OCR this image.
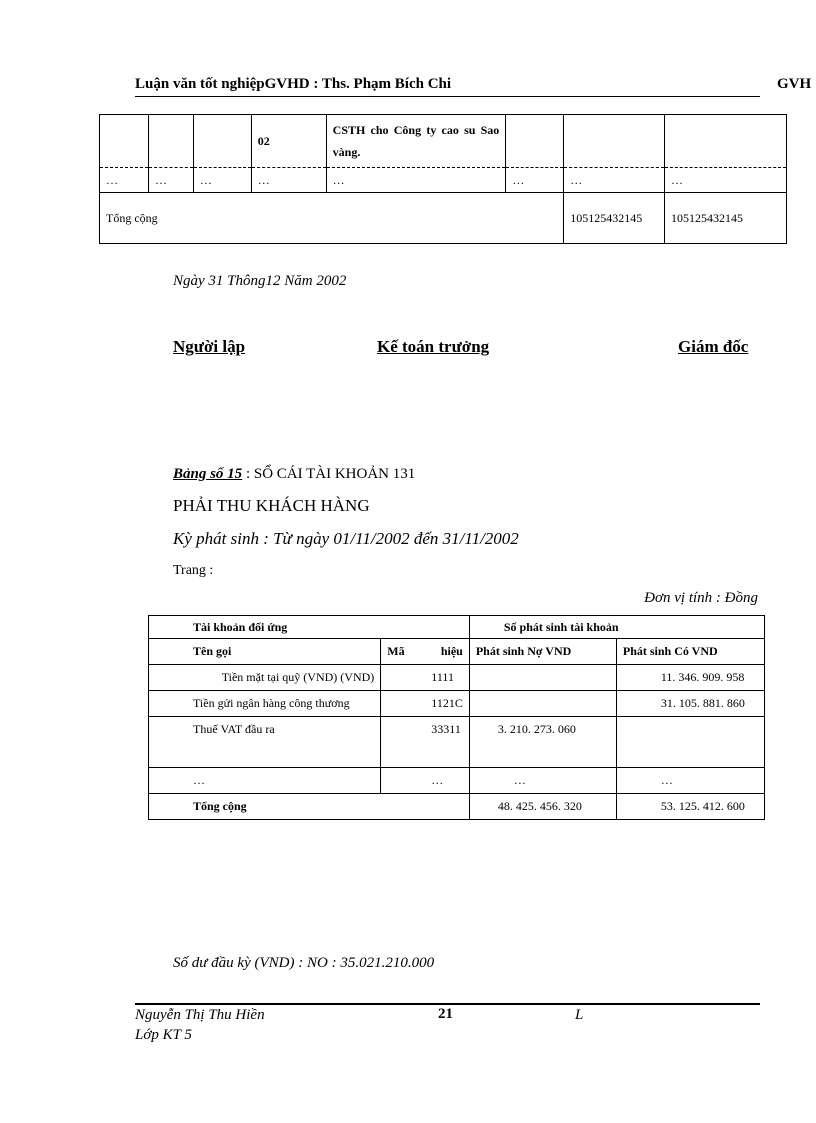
Luận văn tốt nghiệpGVHD : Ths. Phạm Bích Chi	GVH
			02	CSTH cho Công ty cao su Sao vàng.			
…	…	…	…	…	…	…	…
Tổng cộng						105125432145	105125432145
Ngày 31 Thông12 Năm 2002
Người lập	Kế toán trưởng	Giám đốc
Bảng số 15 : SỔ CÁI TÀI KHOẢN 131
PHẢI THU KHÁCH HÀNG
Kỳ phát sinh : Từ ngày 01/11/2002 đến 31/11/2002
Trang :
Đơn vị tính : Đồng
Tài khoản đối ứng		Số phát sinh tài khoản	
Tên gọi	Mã hiệu	Phát sinh Nợ VND	Phát sinh Có VND
Tiền mặt tại quỹ (VND) (VND)	1111		11. 346. 909. 958
Tiền gửi ngân hàng công thương	1121C		31. 105. 881. 860
Thuế VAT đầu ra	33311	3. 210. 273. 060	
…	…	…	…
Tổng cộng		48. 425. 456. 320	53. 125. 412. 600
Số dư đầu kỳ (VND) : NO : 35.021.210.000
Nguyễn Thị Thu Hiền	21	L
Lớp KT 5
